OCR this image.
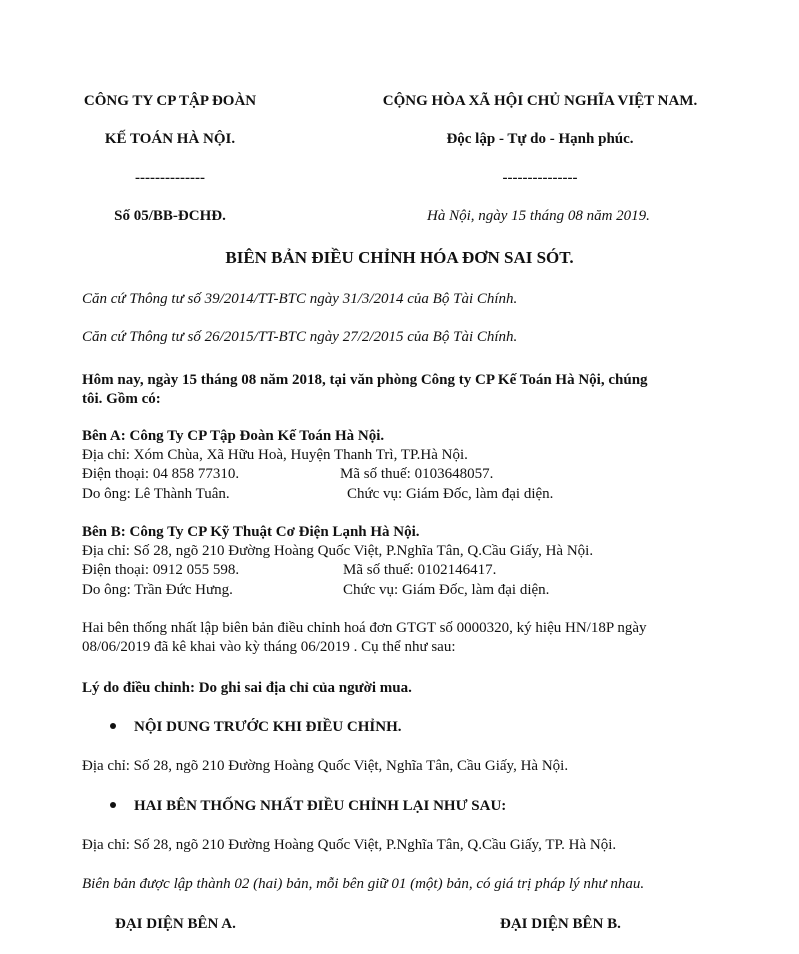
CÔNG TY CP TẬP ĐOÀN
KẾ TOÁN HÀ NỘI.
--------------
Số 05/BB-ĐCHĐ.
CỘNG HÒA XÃ HỘI CHỦ NGHĨA VIỆT NAM.
Độc lập - Tự do - Hạnh phúc.
---------------
Hà Nội, ngày 15 tháng 08 năm 2019.
BIÊN BẢN ĐIỀU CHỈNH HÓA ĐƠN SAI SÓT.
Căn cứ Thông tư số 39/2014/TT-BTC ngày 31/3/2014 của Bộ Tài Chính.
Căn cứ Thông tư số 26/2015/TT-BTC ngày 27/2/2015 của Bộ Tài Chính.
Hôm nay, ngày 15 tháng 08 năm 2018, tại văn phòng Công ty CP Kế Toán Hà Nội, chúng
tôi. Gồm có:
Bên A: Công Ty CP Tập Đoàn Kế Toán Hà Nội.
Địa chỉ: Xóm Chùa, Xã Hữu Hoà, Huyện Thanh Trì, TP.Hà Nội.
Điện thoại: 04 858 77310.	Mã số thuế: 0103648057.
Do ông: Lê Thành Tuân.	Chức vụ: Giám Đốc, làm đại diện.
Bên B: Công Ty CP Kỹ Thuật Cơ Điện Lạnh Hà Nội.
Địa chỉ: Số 28, ngõ 210 Đường Hoàng Quốc Việt, P.Nghĩa Tân, Q.Cầu Giấy, Hà Nội.
Điện thoại: 0912 055 598.	Mã số thuế: 0102146417.
Do ông: Trần Đức Hưng.	Chức vụ: Giám Đốc, làm đại diện.
Hai bên thống nhất lập biên bản điều chỉnh hoá đơn GTGT số 0000320, ký hiệu HN/18P ngày
08/06/2019 đã kê khai vào kỳ tháng 06/2019 . Cụ thể như sau:
Lý do điều chỉnh: Do ghi sai địa chỉ của người mua.
NỘI DUNG TRƯỚC KHI ĐIỀU CHỈNH.
Địa chỉ: Số 28, ngõ 210 Đường Hoàng Quốc Việt, Nghĩa Tân, Cầu Giấy, Hà Nội.
HAI BÊN THỐNG NHẤT ĐIỀU CHỈNH LẠI NHƯ SAU:
Địa chỉ: Số 28, ngõ 210 Đường Hoàng Quốc Việt, P.Nghĩa Tân, Q.Cầu Giấy, TP. Hà Nội.
Biên bản được lập thành 02 (hai) bản, mỗi bên giữ 01 (một) bản, có giá trị pháp lý như nhau.
ĐẠI DIỆN BÊN A.	ĐẠI DIỆN BÊN B.
